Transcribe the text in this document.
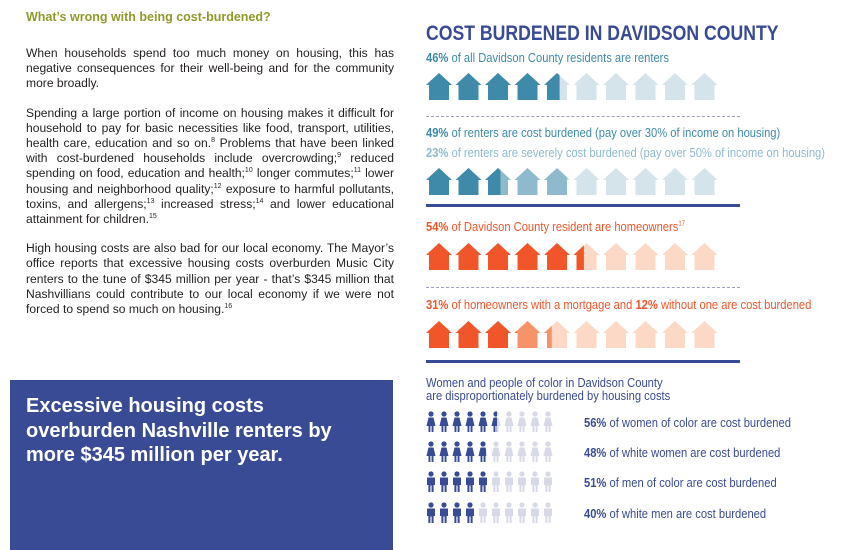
What’s wrong with being cost-burdened?

When households spend too much money on housing, this has negative consequences for their well-being and for the community more broadly.

Spending a large portion of income on housing makes it difficult for household to pay for basic necessities like food, transport, utilities, health care, education and so on.$^8$ Problems that have been linked with cost-burdened households include overcrowding;$^9$ reduced spending on food, education and health;$^{10}$ longer commutes;$^{11}$ lower housing and neighborhood quality;$^{12}$ exposure to harmful pollutants, toxins, and allergens;$^{13}$ increased stress;$^{14}$ and lower educational attainment for children.$^{15}$

High housing costs are also bad for our local economy. The Mayor’s office reports that excessive housing costs overburden Music City renters to the tune of $345 million per year - that’s $345 million that Nashvillians could contribute to our local economy if we were not forced to spend so much on housing.$^{16}$

Excessive housing costs overburden Nashville renters by more $345 million per year.
COST BURDENED IN DAVIDSON COUNTY
46% of all Davidson County residents are renters
49% of renters are cost burdened (pay over 30% of income on housing)
23% of renters are severely cost burdened (pay over 50% of income on housing)
54% of Davidson County resident are homeowners$^{17}$
31% of homeowners with a mortgage and 12% without one are cost burdened
Women and people of color in Davidson County
are disproportionately burdened by housing costs
56% of women of color are cost burdened
48% of white women are cost burdened
51% of men of color are cost burdened
40% of white men are cost burdened
